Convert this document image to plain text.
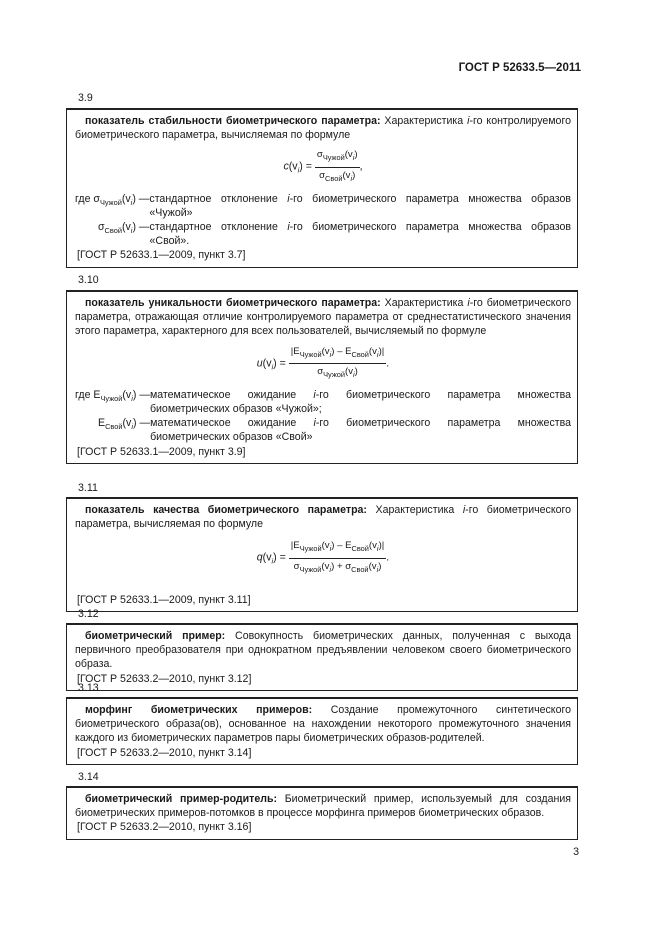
ГОСТ Р 52633.5—2011
3.9

показатель стабильности биометрического параметра: Характеристика i-го контролируемого биометрического параметра, вычисляемая по формуле

$c(v_i) = \frac{\sigma_{Чужой}(v_i)}{\sigma_{Свой}(v_i)}$ ,
где $\sigma_{Чужой}(v_i)$ — стандартное отклонение i-го биометрического параметра множества образов «Чужой»
$\sigma_{Свой}(v_i)$ — стандартное отклонение i-го биометрического параметра множества образов «Свой».

[ГОСТ Р 52633.1—2009, пункт 3.7]

3.10

показатель уникальности биометрического параметра: Характеристика i-го биометрического параметра, отражающая отличие контролируемого параметра от среднестатистического значения этого параметра, характерного для всех пользователей, вычисляемый по формуле

$u(v_i) = \frac{|E_{Чужой}(v_i) - E_{Свой}(v_i)|}{\sigma_{Чужой}(v_i)}$ .
где $E_{Чужой}(v_i)$ — математическое ожидание i-го биометрического параметра множества биометрических образов «Чужой»;
$E_{Свой}(v_i)$ — математическое ожидание i-го биометрического параметра множества биометрических образов «Свой»

[ГОСТ Р 52633.1—2009, пункт 3.9]

3.11

показатель качества биометрического параметра: Характеристика i-го биометрического параметра, вычисляемая по формуле

$q(v_i) = \frac{|E_{Чужой}(v_i) - E_{Свой}(v_i)|}{\sigma_{Чужой}(v_i) + \sigma_{Свой}(v_i)}$ .

[ГОСТ Р 52633.1—2009, пункт 3.11]

3.12

биометрический пример: Совокупность биометрических данных, полученная с выхода первичного преобразователя при однократном предъявлении человеком своего биометрического образа.

[ГОСТ Р 52633.2—2010, пункт 3.12]

3.13

морфинг биометрических примеров: Создание промежуточного синтетического биометрического образа(ов), основанное на нахождении некоторого промежуточного значения каждого из биометрических параметров пары биометрических образов-родителей.

[ГОСТ Р 52633.2—2010, пункт 3.14]

3.14

биометрический пример-родитель: Биометрический пример, используемый для создания биометрических примеров-потомков в процессе морфинга примеров биометрических образов.

[ГОСТ Р 52633.2—2010, пункт 3.16]

3
